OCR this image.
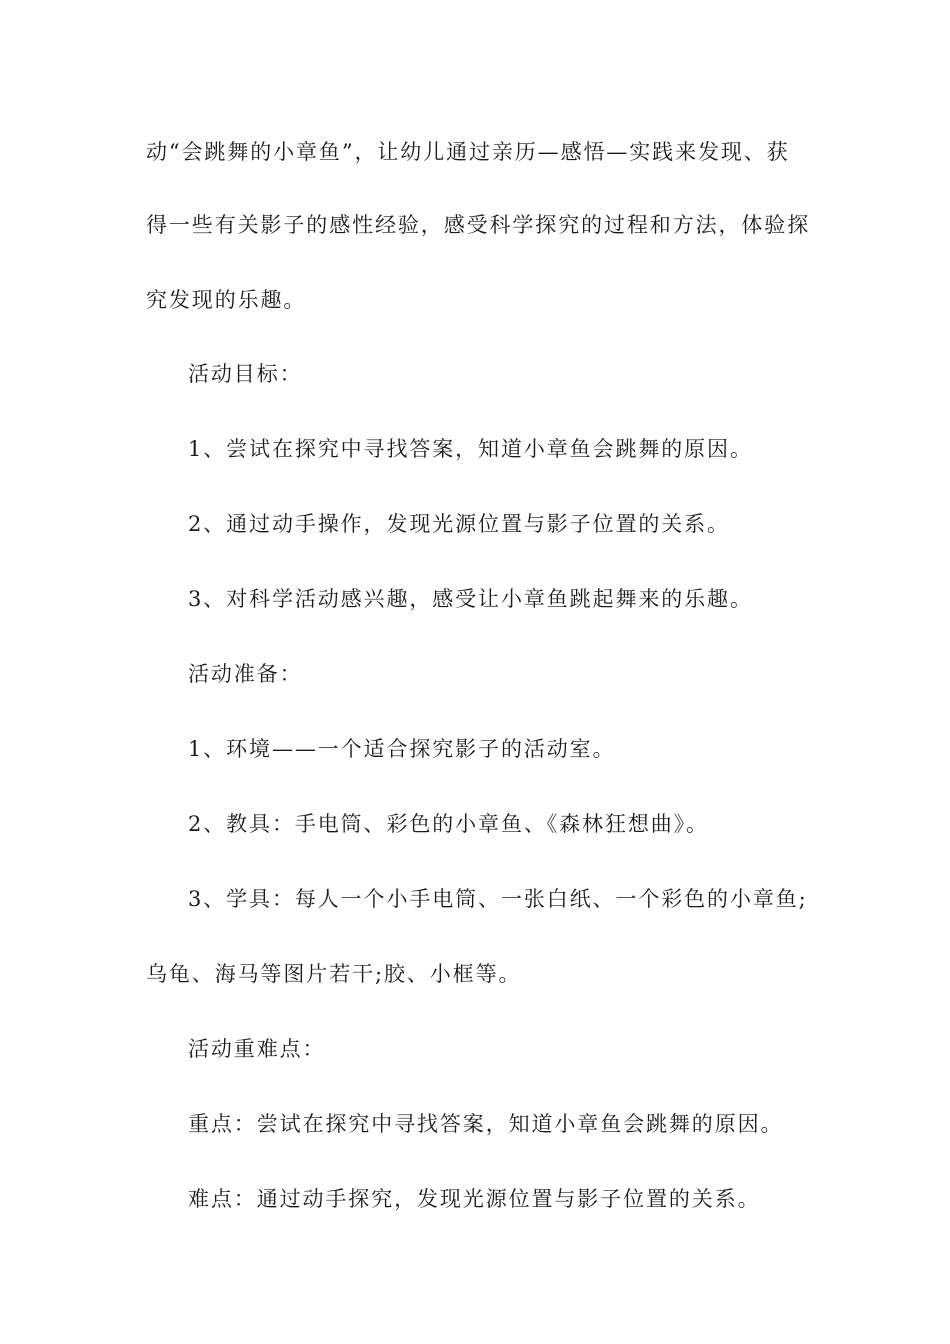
动“会跳舞的小章鱼”，让幼儿通过亲历—感悟—实践来发现、获
得一些有关影子的感性经验，感受科学探究的过程和方法，体验探
究发现的乐趣。
活动目标：
1、尝试在探究中寻找答案，知道小章鱼会跳舞的原因。
2、通过动手操作，发现光源位置与影子位置的关系。
3、对科学活动感兴趣，感受让小章鱼跳起舞来的乐趣。
活动准备：
1、环境——一个适合探究影子的活动室。
2、教具：手电筒、彩色的小章鱼、《森林狂想曲》。
3、学具：每人一个小手电筒、一张白纸、一个彩色的小章鱼;
乌龟、海马等图片若干;胶、小框等。
活动重难点：
重点：尝试在探究中寻找答案，知道小章鱼会跳舞的原因。
难点：通过动手探究，发现光源位置与影子位置的关系。
